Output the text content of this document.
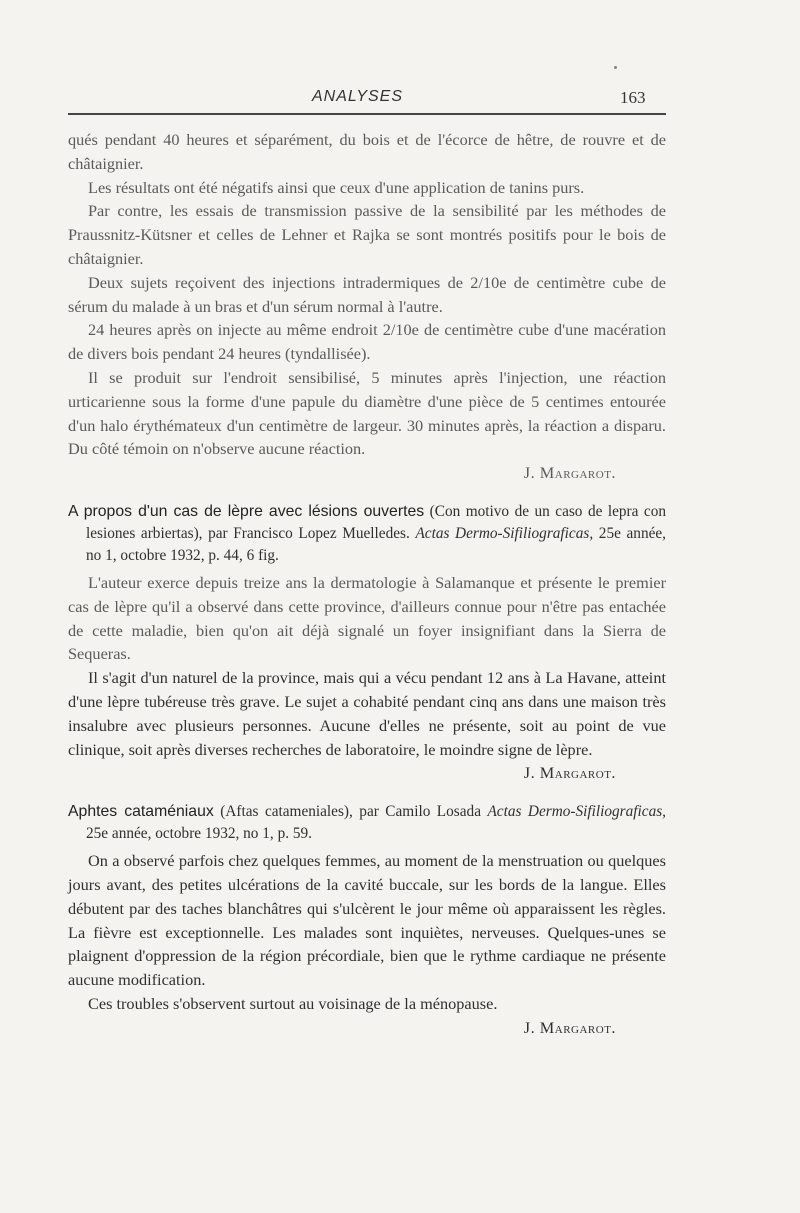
ANALYSES	163

qués pendant 40 heures et séparément, du bois et de l'écorce de hêtre, de rouvre et de châtaignier.

Les résultats ont été négatifs ainsi que ceux d'une application de tanins purs.

Par contre, les essais de transmission passive de la sensibilité par les méthodes de Praussnitz-Kütsner et celles de Lehner et Rajka se sont montrés positifs pour le bois de châtaignier.

Deux sujets reçoivent des injections intradermiques de 2/10e de centimètre cube de sérum du malade à un bras et d'un sérum normal à l'autre.

24 heures après on injecte au même endroit 2/10e de centimètre cube d'une macération de divers bois pendant 24 heures (tyndallisée).

Il se produit sur l'endroit sensibilisé, 5 minutes après l'injection, une réaction urticarienne sous la forme d'une papule du diamètre d'une pièce de 5 centimes entourée d'un halo érythémateux d'un centimètre de largeur. 30 minutes après, la réaction a disparu. Du côté témoin on n'observe aucune réaction.

J. Margarot.
A propos d'un cas de lèpre avec lésions ouvertes (Con motivo de un caso de lepra con lesiones arbiertas), par Francisco Lopez Muelledes. Actas Dermo-Sifiliograficas, 25e année, no 1, octobre 1932, p. 44, 6 fig.

L'auteur exerce depuis treize ans la dermatologie à Salamanque et présente le premier cas de lèpre qu'il a observé dans cette province, d'ailleurs connue pour n'être pas entachée de cette maladie, bien qu'on ait déjà signalé un foyer insignifiant dans la Sierra de Sequeras.

Il s'agit d'un naturel de la province, mais qui a vécu pendant 12 ans à La Havane, atteint d'une lèpre tubéreuse très grave. Le sujet a cohabité pendant cinq ans dans une maison très insalubre avec plusieurs personnes. Aucune d'elles ne présente, soit au point de vue clinique, soit après diverses recherches de laboratoire, le moindre signe de lèpre.

J. Margarot.
Aphtes cataméniaux (Aftas catameniales), par Camilo Losada Actas Dermo-Sifiliograficas, 25e année, octobre 1932, no 1, p. 59.

On a observé parfois chez quelques femmes, au moment de la menstruation ou quelques jours avant, des petites ulcérations de la cavité buccale, sur les bords de la langue. Elles débutent par des taches blanchâtres qui s'ulcèrent le jour même où apparaissent les règles. La fièvre est exceptionnelle. Les malades sont inquiètes, nerveuses. Quelques-unes se plaignent d'oppression de la région précordiale, bien que le rythme cardiaque ne présente aucune modification.

Ces troubles s'observent surtout au voisinage de la ménopause.

J. Margarot.
